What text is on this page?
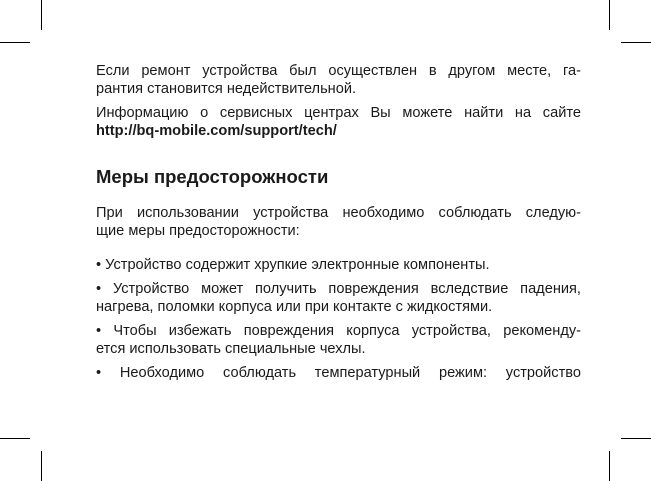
Если ремонт устройства был осуществлен в другом месте, га-
рантия становится недействительной.

Информацию о сервисных центрах Вы можете найти на сайте
http://bq-mobile.com/support/tech/

Меры предосторожности

При использовании устройства необходимо соблюдать следую-
щие меры предосторожности:

• Устройство содержит хрупкие электронные компоненты.

• Устройство может получить повреждения вследствие падения,
нагрева, поломки корпуса или при контакте с жидкостями.

• Чтобы избежать повреждения корпуса устройства, рекоменду-
ется использовать специальные чехлы.

• Необходимо соблюдать температурный режим: устройство
